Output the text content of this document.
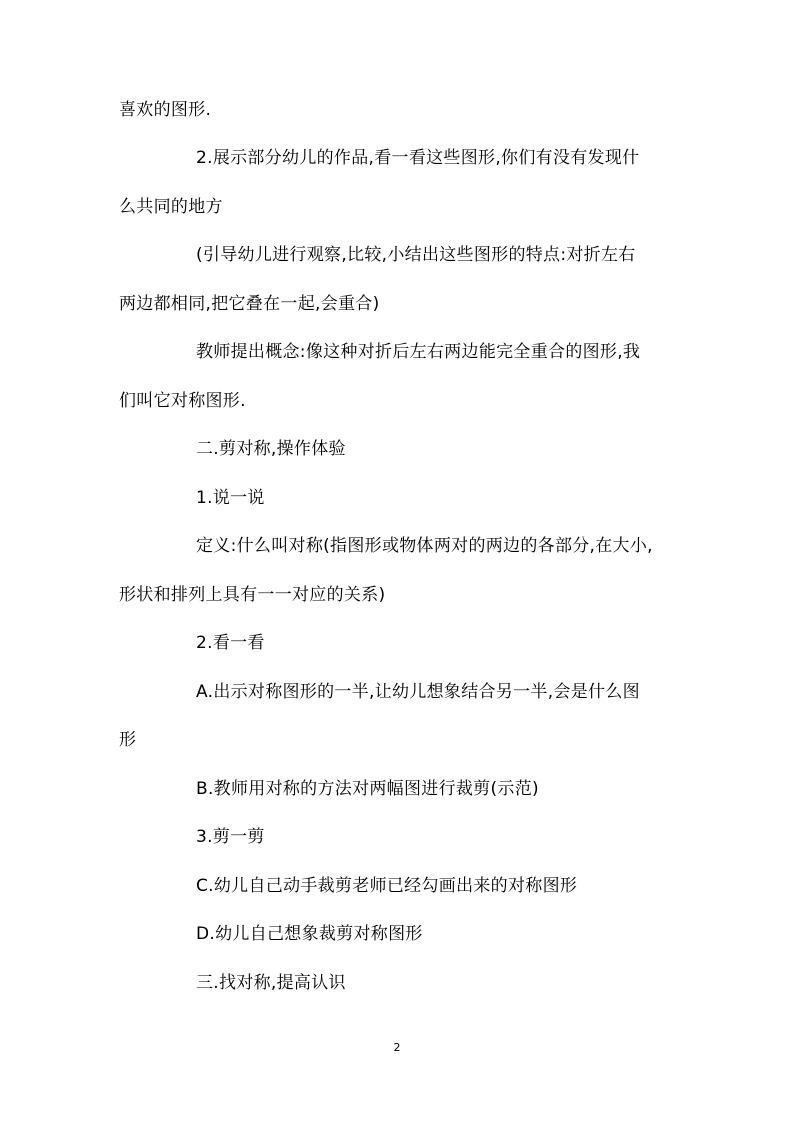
喜欢的图形.
2.展示部分幼儿的作品,看一看这些图形,你们有没有发现什
么共同的地方
(引导幼儿进行观察,比较,小结出这些图形的特点:对折左右
两边都相同,把它叠在一起,会重合)
教师提出概念:像这种对折后左右两边能完全重合的图形,我
们叫它对称图形.
二.剪对称,操作体验
1.说一说
定义:什么叫对称(指图形或物体两对的两边的各部分,在大小,
形状和排列上具有一一对应的关系)
2.看一看
A.出示对称图形的一半,让幼儿想象结合另一半,会是什么图
形
B.教师用对称的方法对两幅图进行裁剪(示范)
3.剪一剪
C.幼儿自己动手裁剪老师已经勾画出来的对称图形
D.幼儿自己想象裁剪对称图形
三.找对称,提高认识
2
